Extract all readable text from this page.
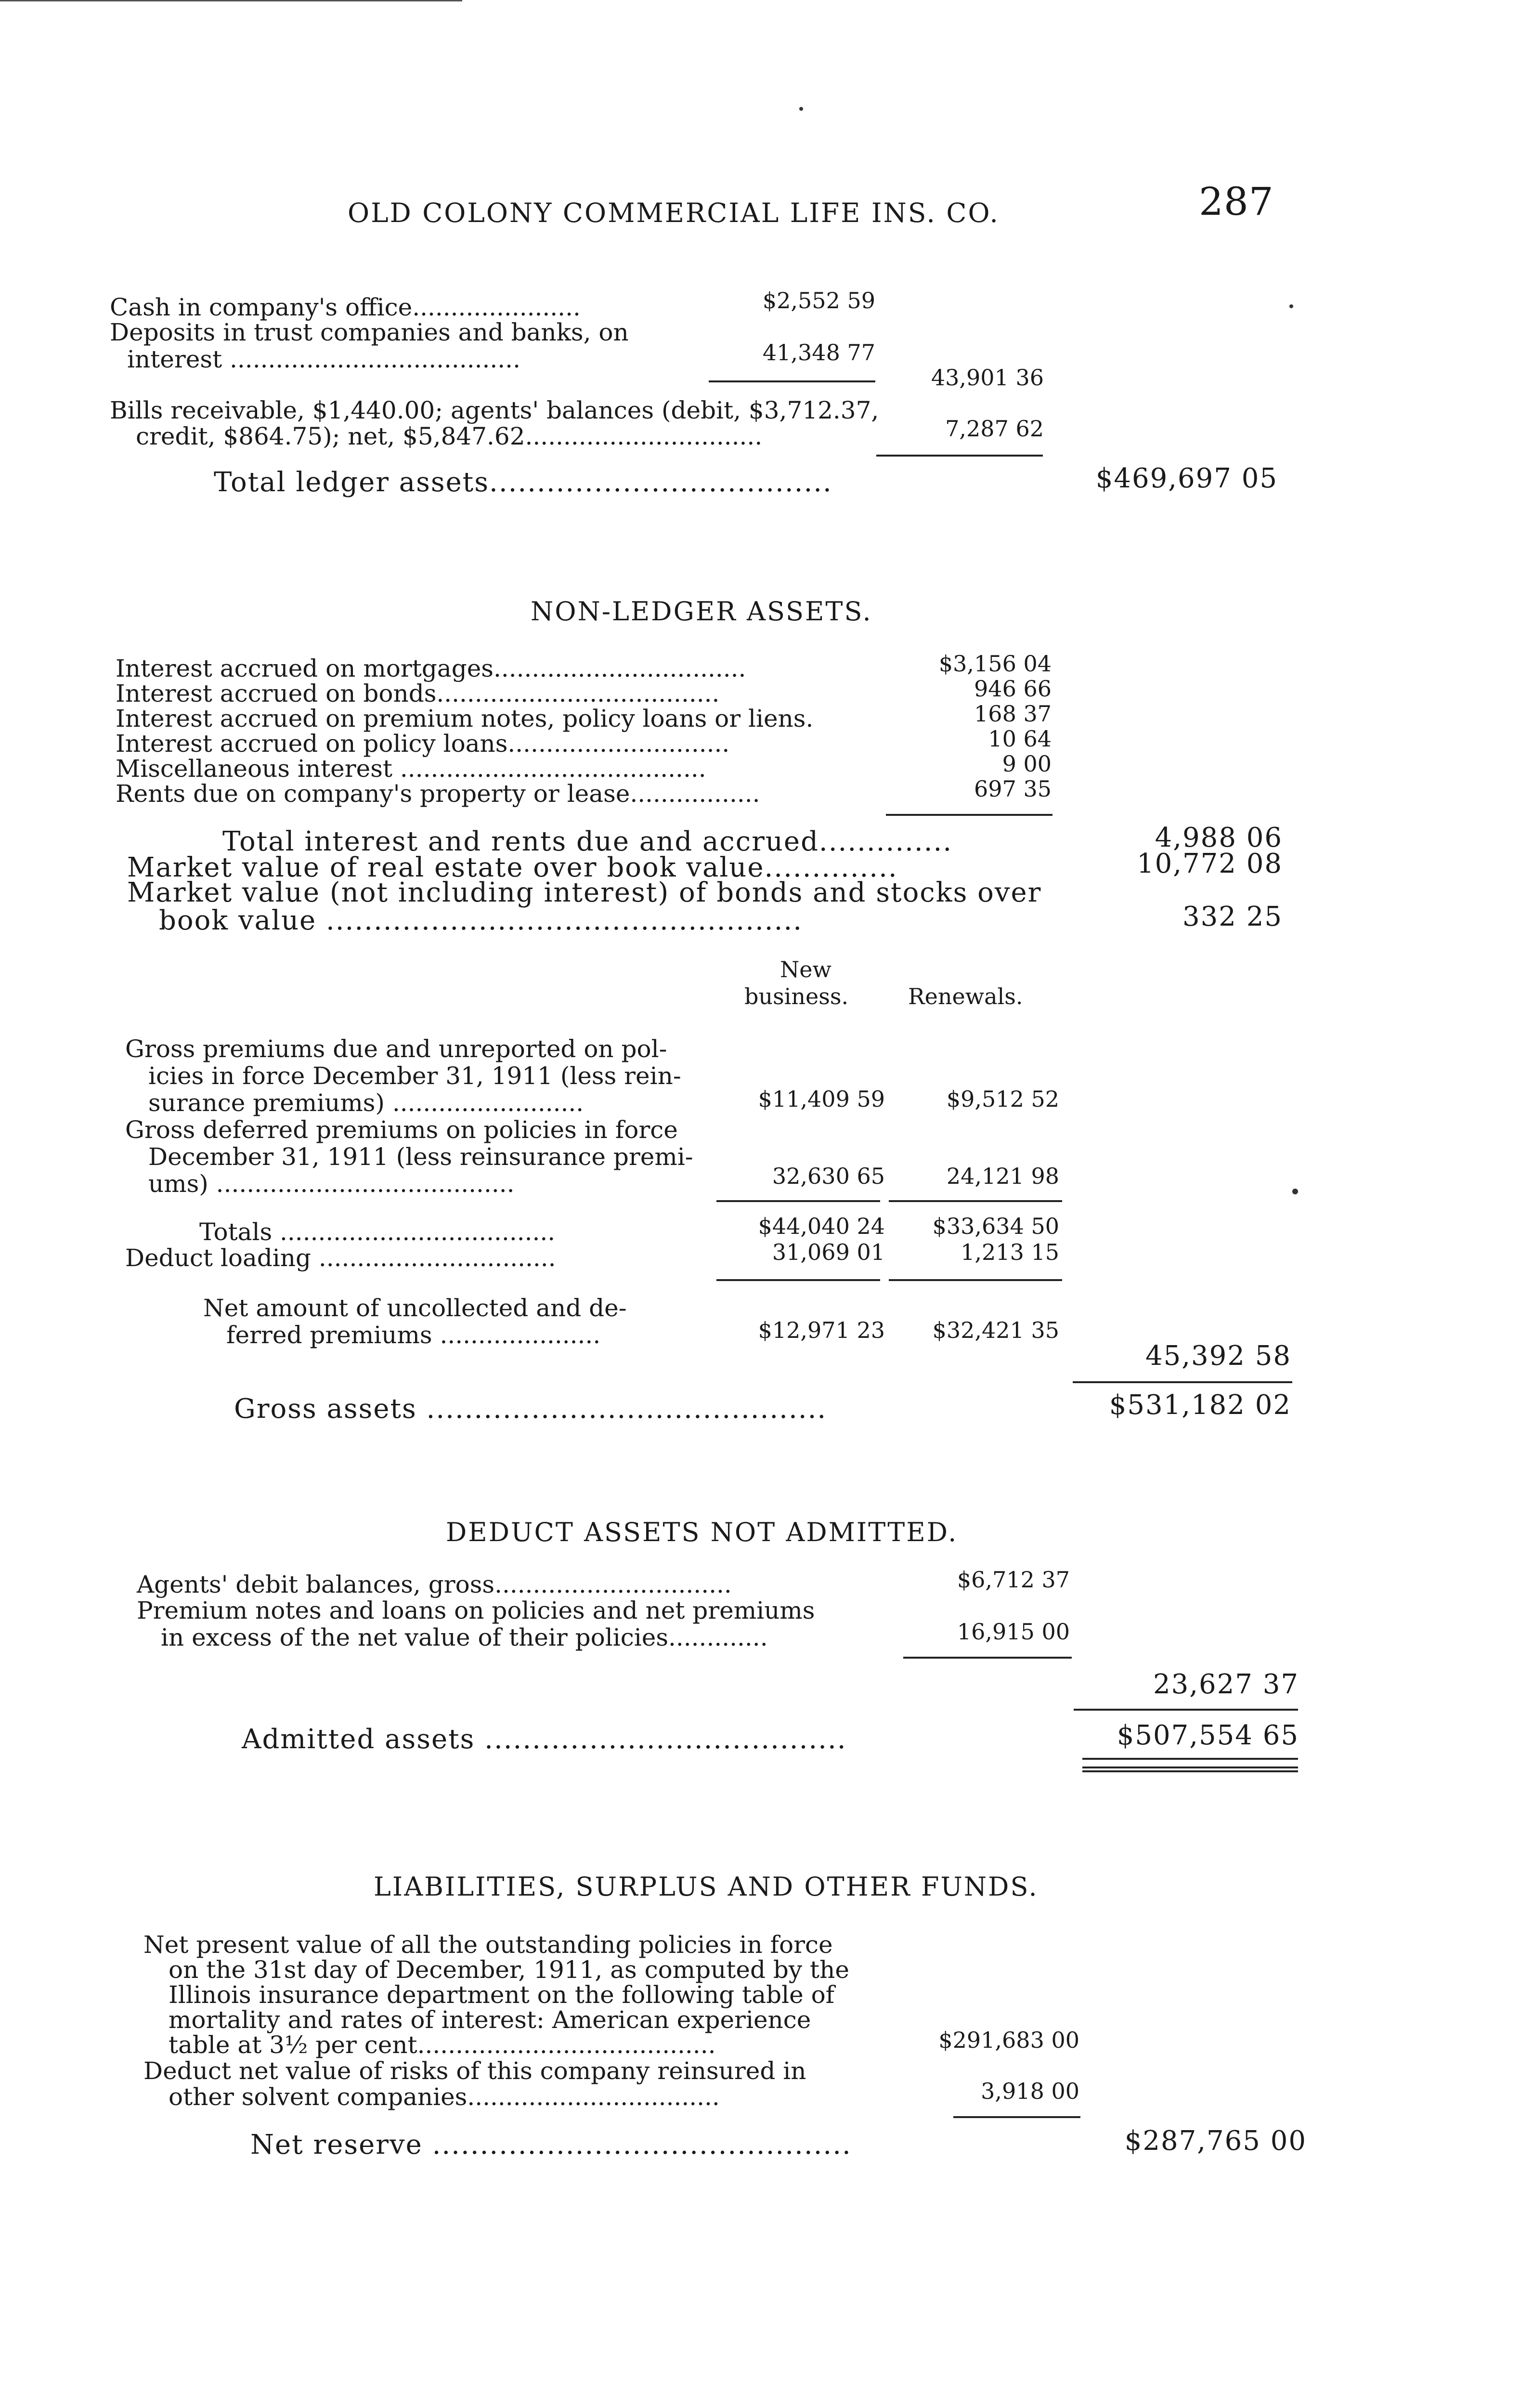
OLD COLONY COMMERCIAL LIFE INS. CO.	287
Cash in company's office......................	$2,552 59
Deposits in trust companies and banks, on
interest ......................................	41,348 77
43,901 36
Bills receivable, $1,440.00; agents' balances (debit, $3,712.37,
credit, $864.75); net, $5,847.62...............................	7,287 62
Total ledger assets....................................	$469,697 05
NON-LEDGER ASSETS.
Interest accrued on mortgages.................................	$3,156 04
Interest accrued on bonds.....................................	946 66
Interest accrued on premium notes, policy loans or liens.	168 37
Interest accrued on policy loans.............................	10 64
Miscellaneous interest ........................................	9 00
Rents due on company's property or lease.................	697 35
Total interest and rents due and accrued..............	4,988 06
Market value of real estate over book value..............	10,772 08
Market value (not including interest) of bonds and stocks over
book value ..................................................	332 25
New
business.	Renewals.
Gross premiums due and unreported on pol-
icies in force December 31, 1911 (less rein-
surance premiums) .........................	$11,409 59	$9,512 52
Gross deferred premiums on policies in force
December 31, 1911 (less reinsurance premi-
ums) .......................................	32,630 65	24,121 98
Totals ....................................	$44,040 24 $33,634 50
Deduct loading ...............................	31,069 01	1,213 15
Net amount of uncollected and de-
ferred premiums .....................	$12,971 23 $32,421 35
45,392 58
Gross assets ..........................................	$531,182 02
DEDUCT ASSETS NOT ADMITTED.
Agents' debit balances, gross...............................	$6,712 37
Premium notes and loans on policies and net premiums
in excess of the net value of their policies.............	16,915 00
23,627 37
Admitted assets ......................................	$507,554 65
LIABILITIES, SURPLUS AND OTHER FUNDS.
Net present value of all the outstanding policies in force
on the 31st day of December, 1911, as computed by the
Illinois insurance department on the following table of
mortality and rates of interest: American experience
table at 3½ per cent.......................................	$291,683 00
Deduct net value of risks of this company reinsured in
other solvent companies.................................	3,918 00
Net reserve ............................................	$287,765 00
